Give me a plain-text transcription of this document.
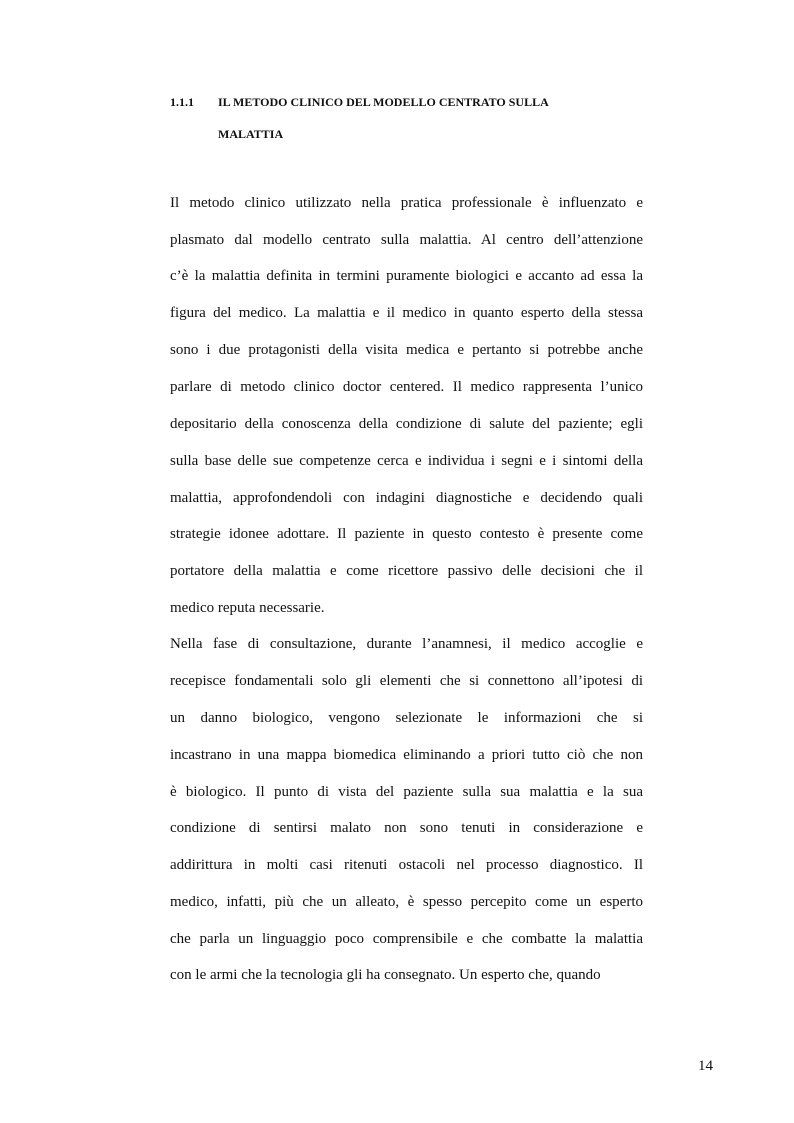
1.1.1 IL METODO CLINICO DEL MODELLO CENTRATO SULLA
MALATTIA
Il metodo clinico utilizzato nella pratica professionale è influenzato e
plasmato dal modello centrato sulla malattia. Al centro dell’attenzione
c’è la malattia definita in termini puramente biologici e accanto ad essa la
figura del medico. La malattia e il medico in quanto esperto della stessa
sono i due protagonisti della visita medica e pertanto si potrebbe anche
parlare di metodo clinico doctor centered. Il medico rappresenta l’unico
depositario della conoscenza della condizione di salute del paziente; egli
sulla base delle sue competenze cerca e individua i segni e i sintomi della
malattia, approfondendoli con indagini diagnostiche e decidendo quali
strategie idonee adottare. Il paziente in questo contesto è presente come
portatore della malattia e come ricettore passivo delle decisioni che il
medico reputa necessarie.
Nella fase di consultazione, durante l’anamnesi, il medico accoglie e
recepisce fondamentali solo gli elementi che si connettono all’ipotesi di
un danno biologico, vengono selezionate le informazioni che si
incastrano in una mappa biomedica eliminando a priori tutto ciò che non
è biologico. Il punto di vista del paziente sulla sua malattia e la sua
condizione di sentirsi malato non sono tenuti in considerazione e
addirittura in molti casi ritenuti ostacoli nel processo diagnostico. Il
medico, infatti, più che un alleato, è spesso percepito come un esperto
che parla un linguaggio poco comprensibile e che combatte la malattia
con le armi che la tecnologia gli ha consegnato. Un esperto che, quando
14
